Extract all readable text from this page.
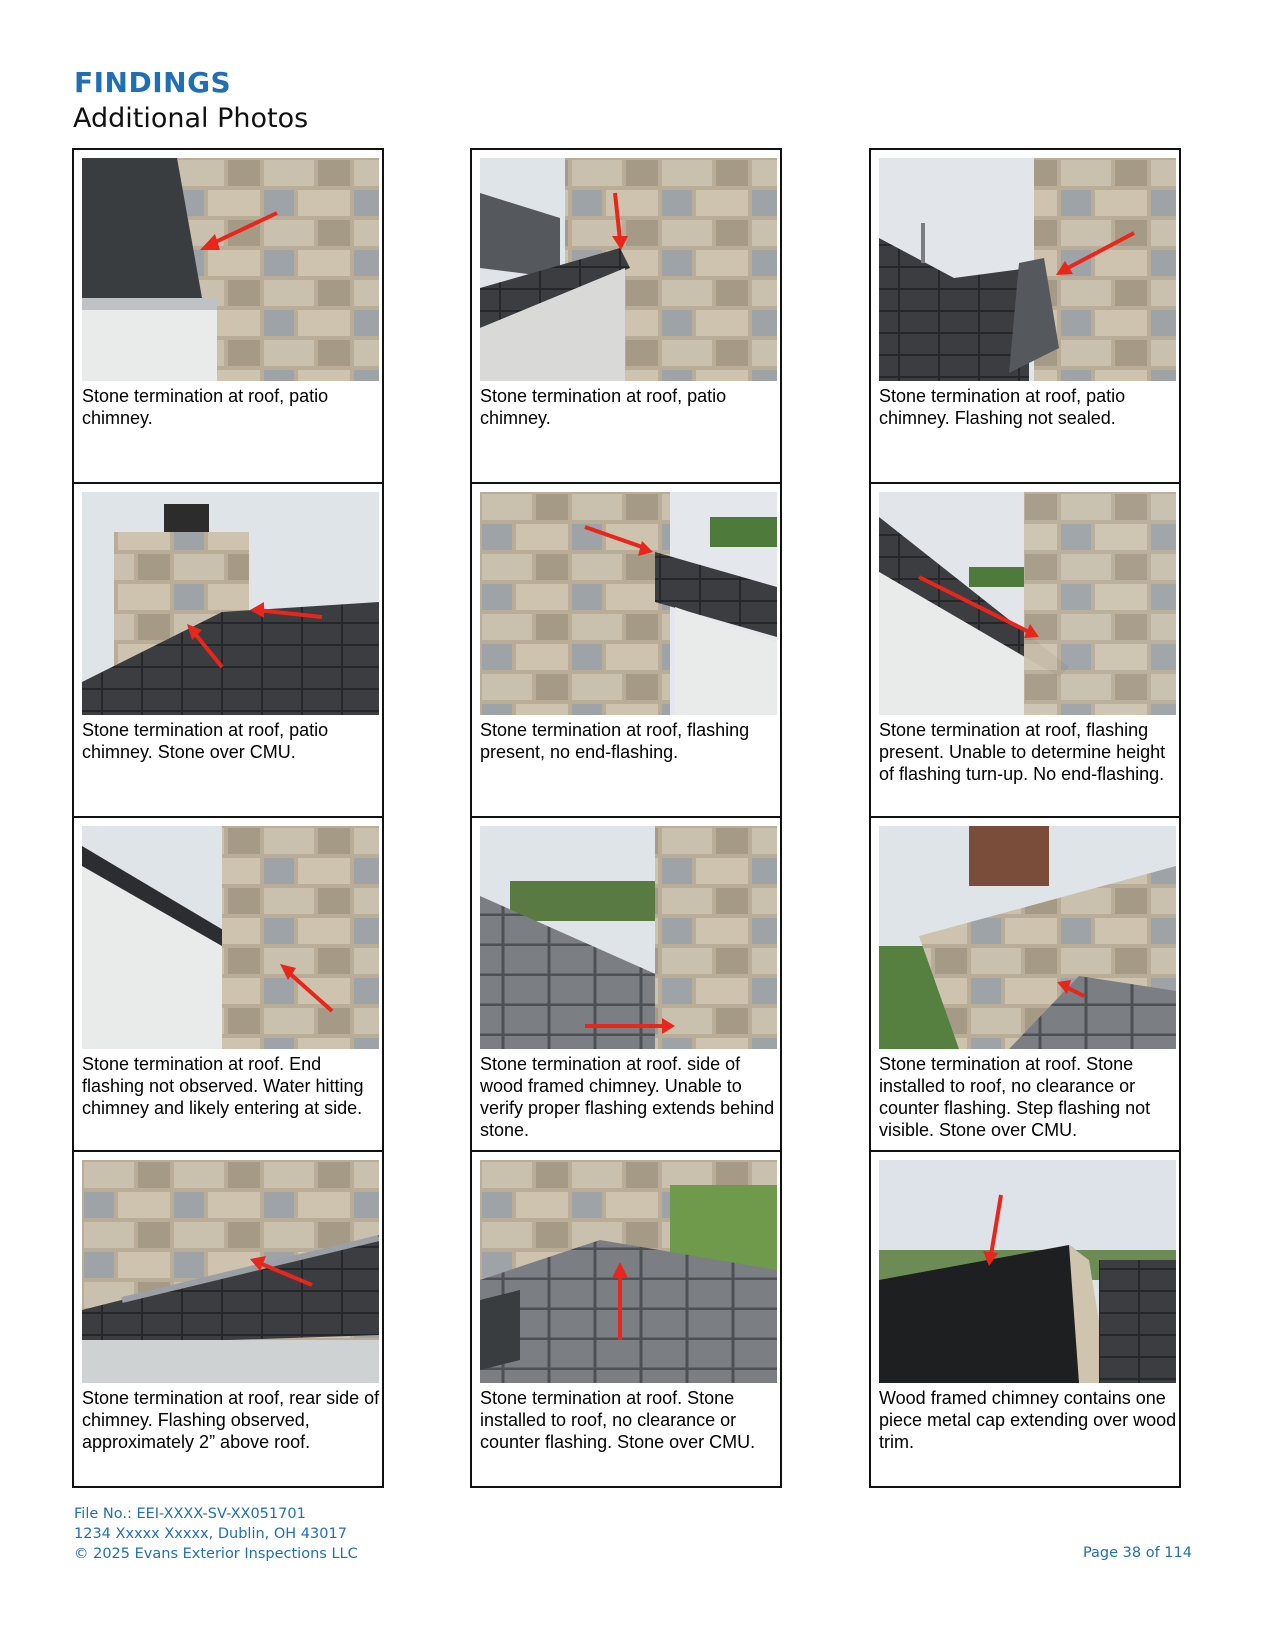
FINDINGS
Additional Photos
Stone termination at roof, patio chimney.
Stone termination at roof, patio chimney. Stone over CMU.
Stone termination at roof. End flashing not observed. Water hitting chimney and likely entering at side.
Stone termination at roof, rear side of chimney. Flashing observed, approximately 2” above roof.
Stone termination at roof, patio chimney.
Stone termination at roof, flashing present, no end-flashing.
Stone termination at roof. side of wood framed chimney. Unable to verify proper flashing extends behind stone.
Stone termination at roof. Stone installed to roof, no clearance or counter flashing. Stone over CMU.
Stone termination at roof, patio chimney. Flashing not sealed.
Stone termination at roof, flashing present. Unable to determine height of flashing turn-up. No end-flashing.
Stone termination at roof. Stone installed to roof, no clearance or counter flashing. Step flashing not visible. Stone over CMU.
Wood framed chimney contains one piece metal cap extending over wood trim.
File No.: EEI-XXXX-SV-XX051701
1234 Xxxxx Xxxxx, Dublin, OH 43017
© 2025 Evans Exterior Inspections LLC	Page 38 of 114
